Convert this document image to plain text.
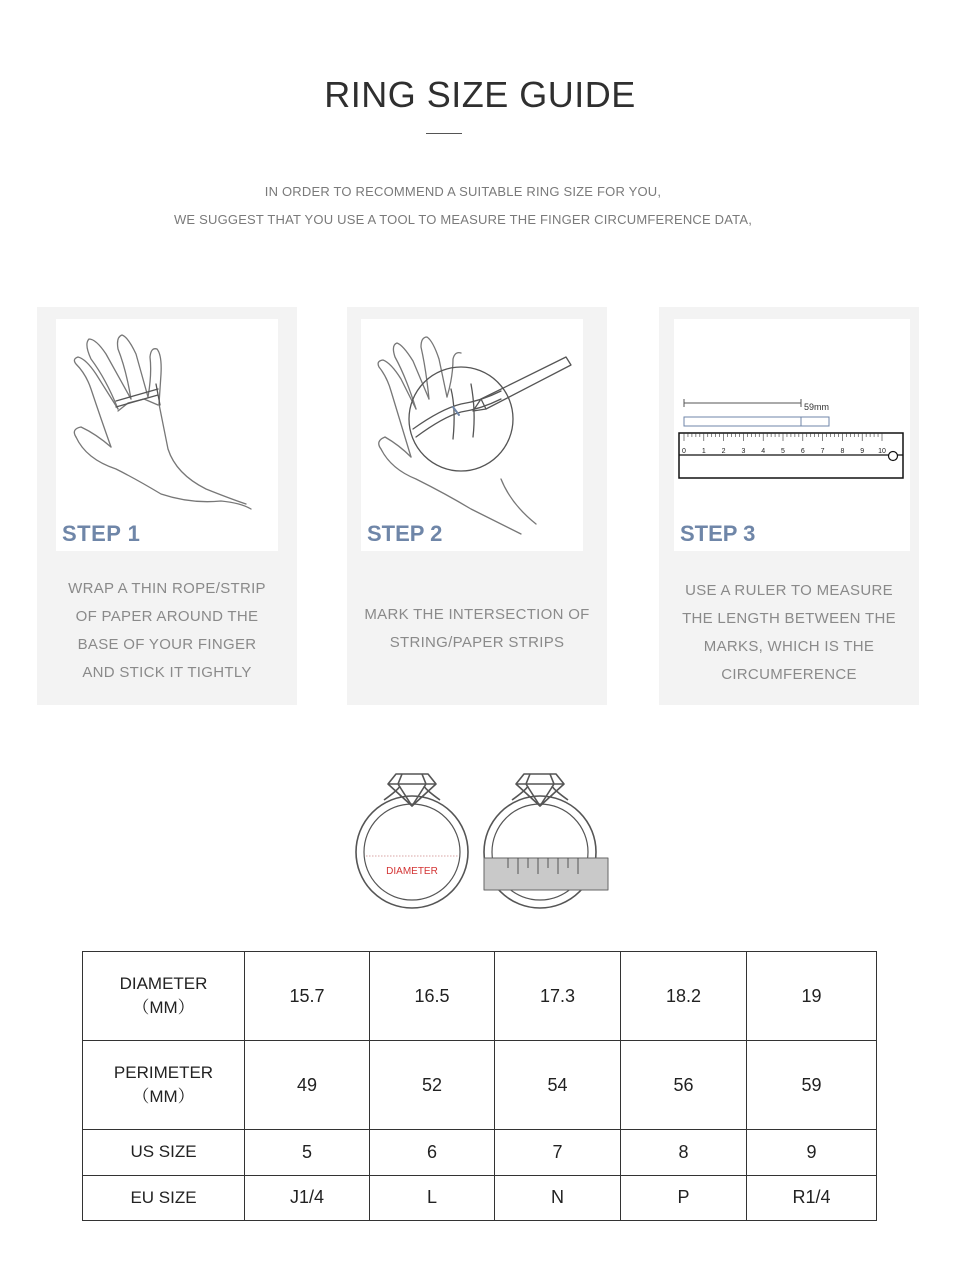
RING SIZE GUIDE
IN ORDER TO RECOMMEND A SUITABLE RING SIZE FOR YOU,
WE SUGGEST THAT YOU USE A TOOL TO MEASURE THE FINGER CIRCUMFERENCE DATA,
STEP 1
WRAP A THIN ROPE/STRIP
OF PAPER AROUND THE
BASE OF YOUR FINGER
AND STICK IT TIGHTLY
STEP 2
MARK THE INTERSECTION OF
STRING/PAPER STRIPS
59mm
0 1 2 3 4 5 6 7 8 9 10
STEP 3
USE A RULER TO MEASURE
THE LENGTH BETWEEN THE
MARKS, WHICH IS THE
CIRCUMFERENCE
DIAMETER
DIAMETER
（MM）	15.7	16.5	17.3	18.2	19

PERIMETER
（MM）	49	52	54	56	59
US SIZE	5	6	7	8	9
EU SIZE	J1/4	L	N	P	R1/4
